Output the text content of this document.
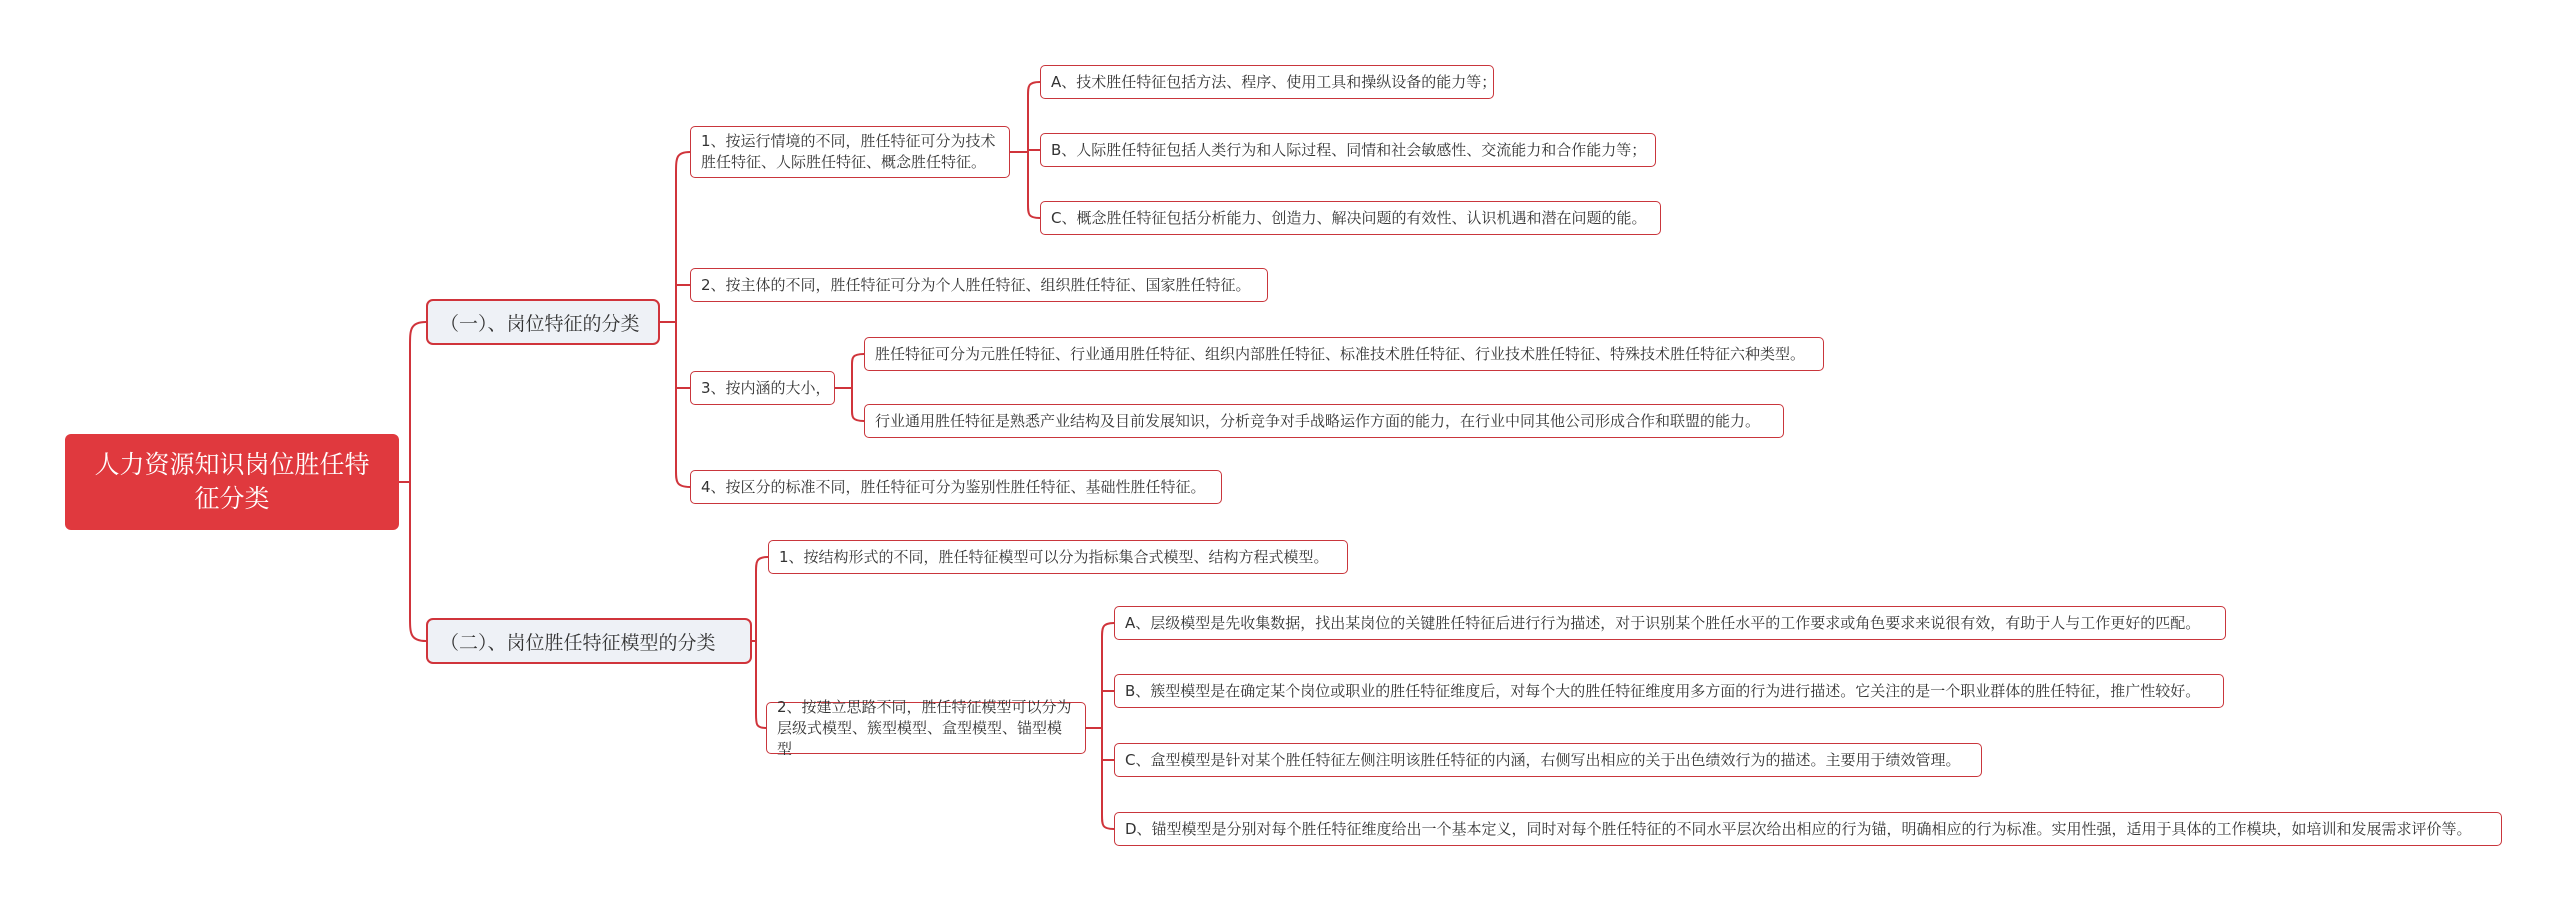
人力资源知识岗位胜任特征分类
（一）、岗位特征的分类
1、按运行情境的不同，胜任特征可分为技术
胜任特征、人际胜任特征、概念胜任特征。
A、技术胜任特征包括方法、程序、使用工具和操纵设备的能力等；
B、人际胜任特征包括人类行为和人际过程、同情和社会敏感性、交流能力和合作能力等；
C、概念胜任特征包括分析能力、创造力、解决问题的有效性、认识机遇和潜在问题的能。
2、按主体的不同，胜任特征可分为个人胜任特征、组织胜任特征、国家胜任特征。
3、按内涵的大小，
胜任特征可分为元胜任特征、行业通用胜任特征、组织内部胜任特征、标准技术胜任特征、行业技术胜任特征、特殊技术胜任特征六种类型。
行业通用胜任特征是熟悉产业结构及目前发展知识，分析竞争对手战略运作方面的能力，在行业中同其他公司形成合作和联盟的能力。
4、按区分的标准不同，胜任特征可分为鉴别性胜任特征、基础性胜任特征。
（二）、岗位胜任特征模型的分类
1、按结构形式的不同，胜任特征模型可以分为指标集合式模型、结构方程式模型。
2、按建立思路不同，胜任特征模型可以分为
层级式模型、簇型模型、盒型模型、锚型模型
A、层级模型是先收集数据，找出某岗位的关键胜任特征后进行行为描述，对于识别某个胜任水平的工作要求或角色要求来说很有效，有助于人与工作更好的匹配。
B、簇型模型是在确定某个岗位或职业的胜任特征维度后，对每个大的胜任特征维度用多方面的行为进行描述。它关注的是一个职业群体的胜任特征，推广性较好。
C、盒型模型是针对某个胜任特征左侧注明该胜任特征的内涵，右侧写出相应的关于出色绩效行为的描述。主要用于绩效管理。
D、锚型模型是分别对每个胜任特征维度给出一个基本定义，同时对每个胜任特征的不同水平层次给出相应的行为锚，明确相应的行为标准。实用性强，适用于具体的工作模块，如培训和发展需求评价等。
